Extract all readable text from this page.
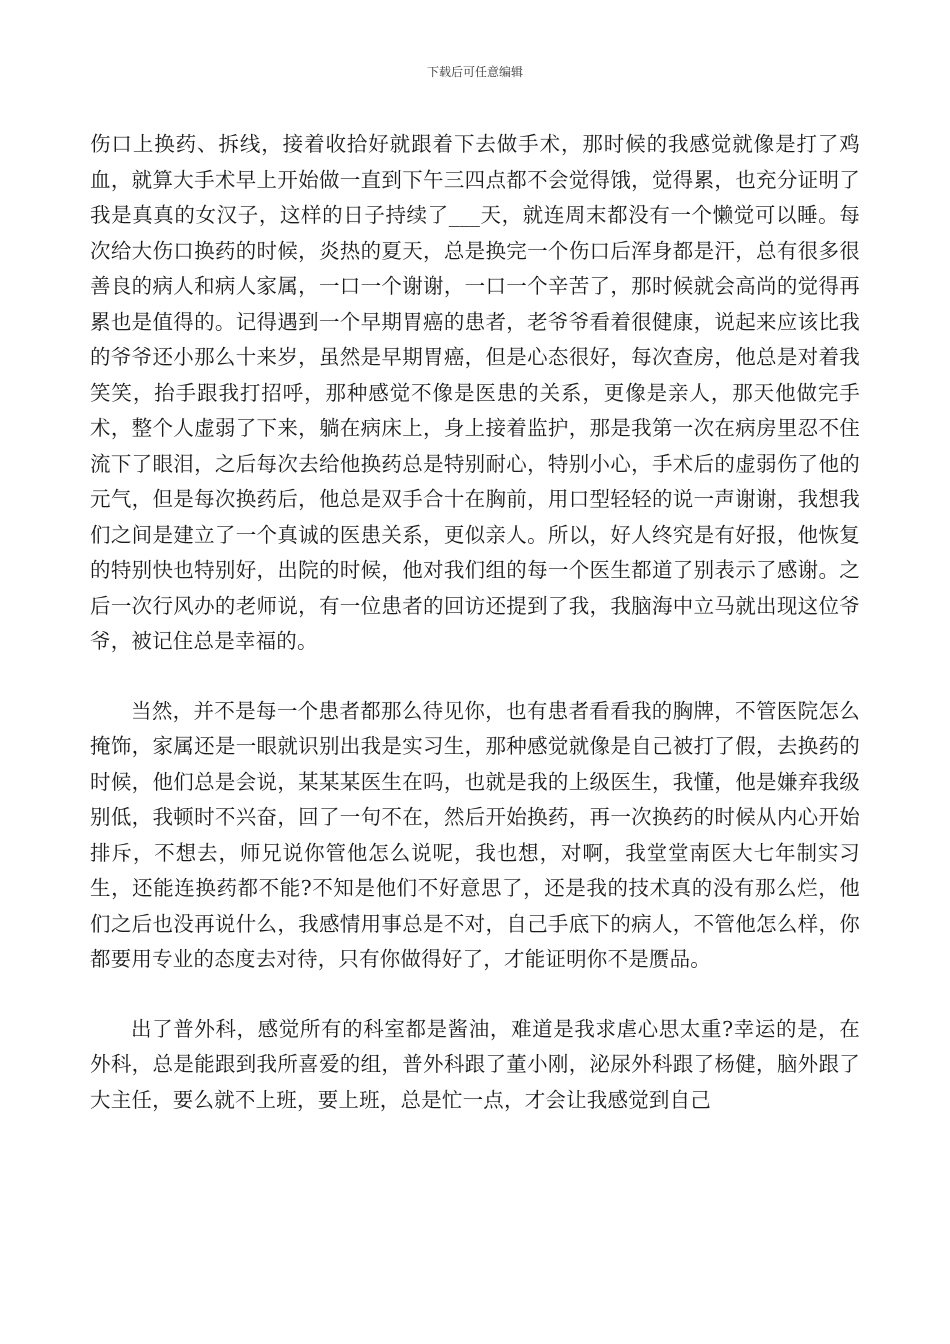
下载后可任意编辑

伤口上换药、拆线，接着收拾好就跟着下去做手术，那时候的我感觉就像是打了鸡血，就算大手术早上开始做一直到下午三四点都不会觉得饿，觉得累，也充分证明了我是真真的女汉子，这样的日子持续了___天，就连周末都没有一个懒觉可以睡。每次给大伤口换药的时候，炎热的夏天，总是换完一个伤口后浑身都是汗，总有很多很善良的病人和病人家属，一口一个谢谢，一口一个辛苦了，那时候就会高尚的觉得再累也是值得的。记得遇到一个早期胃癌的患者，老爷爷看着很健康，说起来应该比我的爷爷还小那么十来岁，虽然是早期胃癌，但是心态很好，每次查房，他总是对着我笑笑，抬手跟我打招呼，那种感觉不像是医患的关系，更像是亲人，那天他做完手术，整个人虚弱了下来，躺在病床上，身上接着监护，那是我第一次在病房里忍不住流下了眼泪，之后每次去给他换药总是特别耐心，特别小心，手术后的虚弱伤了他的元气，但是每次换药后，他总是双手合十在胸前，用口型轻轻的说一声谢谢，我想我们之间是建立了一个真诚的医患关系，更似亲人。所以，好人终究是有好报，他恢复的特别快也特别好，出院的时候，他对我们组的每一个医生都道了别表示了感谢。之后一次行风办的老师说，有一位患者的回访还提到了我，我脑海中立马就出现这位爷爷，被记住总是幸福的。

当然，并不是每一个患者都那么待见你，也有患者看看我的胸牌，不管医院怎么掩饰，家属还是一眼就识别出我是实习生，那种感觉就像是自己被打了假，去换药的时候，他们总是会说，某某某医生在吗，也就是我的上级医生，我懂，他是嫌弃我级别低，我顿时不兴奋，回了一句不在，然后开始换药，再一次换药的时候从内心开始排斥，不想去，师兄说你管他怎么说呢，我也想，对啊，我堂堂南医大七年制实习生，还能连换药都不能?不知是他们不好意思了，还是我的技术真的没有那么烂，他们之后也没再说什么，我感情用事总是不对，自己手底下的病人，不管他怎么样，你都要用专业的态度去对待，只有你做得好了，才能证明你不是赝品。

出了普外科，感觉所有的科室都是酱油，难道是我求虐心思太重?幸运的是，在外科，总是能跟到我所喜爱的组，普外科跟了董小刚，泌尿外科跟了杨健，脑外跟了大主任，要么就不上班，要上班，总是忙一点，才会让我感觉到自己
